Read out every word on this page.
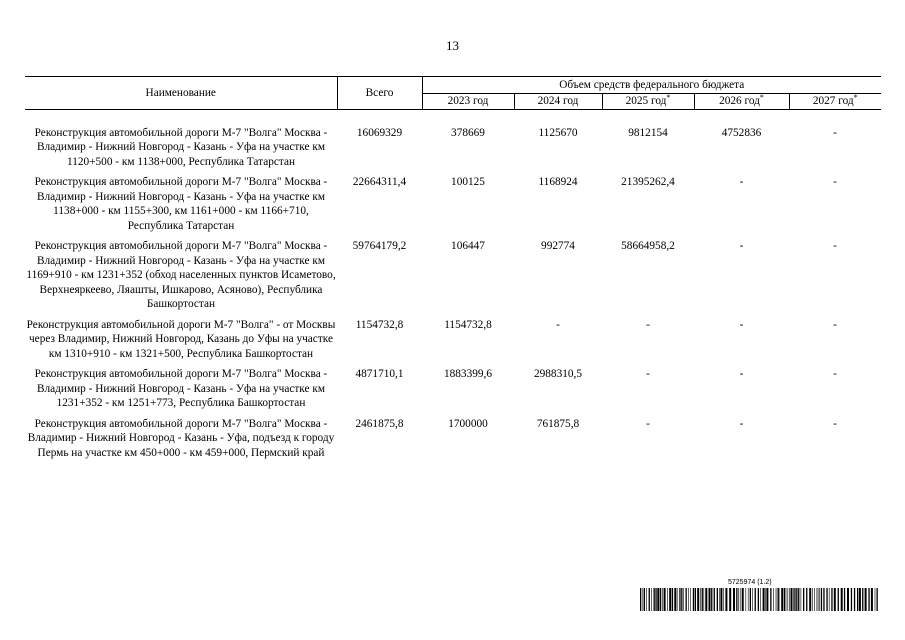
13
Наименование	Всего	Объем средств федерального бюджета				
		2023 год	2024 год	2025 год*	2026 год*	2027 год*

Реконструкция автомобильной дороги М-7 "Волга" Москва - Владимир - Нижний Новгород - Казань - Уфа на участке км 1120+500 - км 1138+000, Республика Татарстан	16069329	378669	1125670	9812154	4752836	-
Реконструкция автомобильной дороги М-7 "Волга" Москва - Владимир - Нижний Новгород - Казань - Уфа на участке км 1138+000 - км 1155+300, км 1161+000 - км 1166+710, Республика Татарстан	22664311,4	100125	1168924	21395262,4	-	-
Реконструкция автомобильной дороги М-7 "Волга" Москва - Владимир - Нижний Новгород - Казань - Уфа на участке км 1169+910 - км 1231+352 (обход населенных пунктов Исаметово, Верхнеяркеево, Ляашты, Ишкарово, Асяново), Республика Башкортостан	59764179,2	106447	992774	58664958,2	-	-
Реконструкция автомобильной дороги М-7 "Волга" - от Москвы через Владимир, Нижний Новгород, Казань до Уфы на участке км 1310+910 - км 1321+500, Республика Башкортостан	1154732,8	1154732,8	-	-	-	-
Реконструкция автомобильной дороги М-7 "Волга" Москва - Владимир - Нижний Новгород - Казань - Уфа на участке км 1231+352 - км 1251+773, Республика Башкортостан	4871710,1	1883399,6	2988310,5	-	-	-
Реконструкция автомобильной дороги М-7 "Волга" Москва - Владимир - Нижний Новгород - Казань - Уфа, подъезд к городу Пермь на участке км 450+000 - км 459+000, Пермский край	2461875,8	1700000	761875,8	-	-	-
5725974 (1.2)
